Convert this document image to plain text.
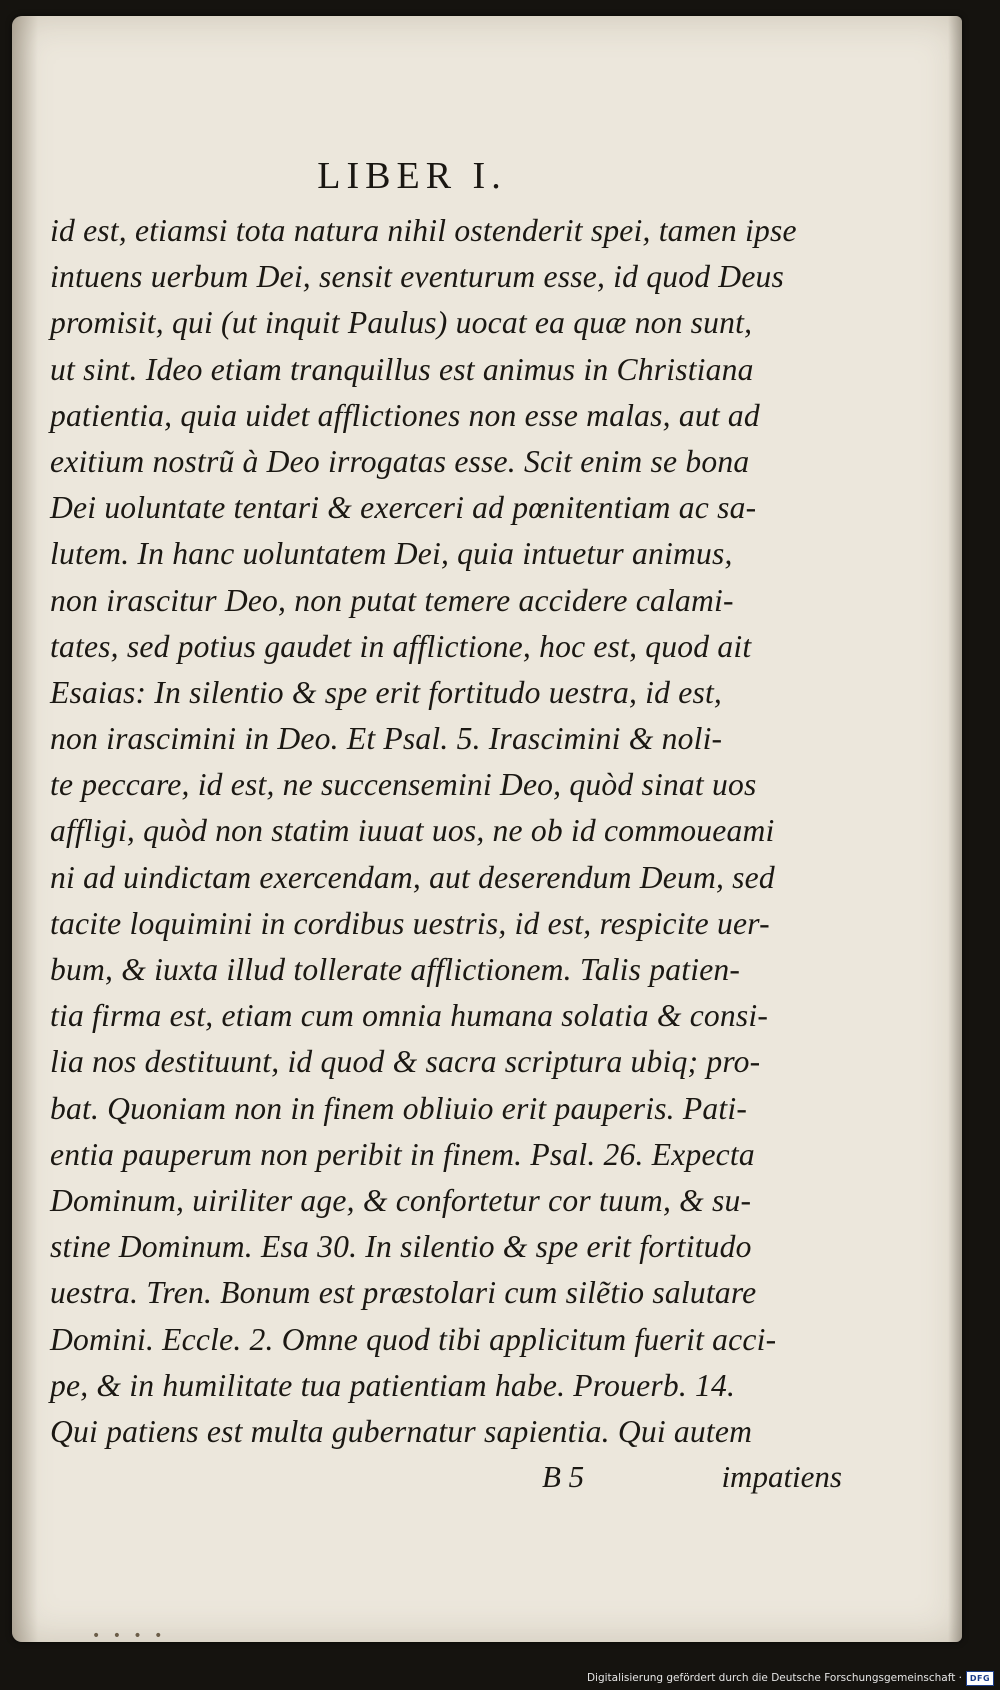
LIBER I.
id est, etiamsi tota natura nihil ostenderit spei, tamen ipse
intuens uerbum Dei, sensit eventurum esse, id quod Deus
promisit, qui (ut inquit Paulus) uocat ea quæ non sunt,
ut sint. Ideo etiam tranquillus est animus in Christiana
patientia, quia uidet afflictiones non esse malas, aut ad
exitium nostrũ à Deo irrogatas esse. Scit enim se bona
Dei uoluntate tentari & exerceri ad pœnitentiam ac sa-
lutem. In hanc uoluntatem Dei, quia intuetur animus,
non irascitur Deo, non putat temere accidere calami-
tates, sed potius gaudet in afflictione, hoc est, quod ait
Esaias: In silentio & spe erit fortitudo uestra, id est,
non irascimini in Deo. Et Psal. 5. Irascimini & noli-
te peccare, id est, ne succensemini Deo, quòd sinat uos
affligi, quòd non statim iuuat uos, ne ob id commoueami
ni ad uindictam exercendam, aut deserendum Deum, sed
tacite loquimini in cordibus uestris, id est, respicite uer-
bum, & iuxta illud tollerate afflictionem. Talis patien-
tia firma est, etiam cum omnia humana solatia & consi-
lia nos destituunt, id quod & sacra scriptura ubiq; pro-
bat. Quoniam non in finem obliuio erit pauperis. Pati-
entia pauperum non peribit in finem. Psal. 26. Expecta
Dominum, uiriliter age, & confortetur cor tuum, & su-
stine Dominum. Esa 30. In silentio & spe erit fortitudo
uestra. Tren. Bonum est præstolari cum silẽtio salutare
Domini. Eccle. 2. Omne quod tibi applicitum fuerit acci-
pe, & in humilitate tua patientiam habe. Prouerb. 14.
Qui patiens est multa gubernatur sapientia. Qui autem
B 5	impatiens
• • • •
Digitalisierung gefördert durch die Deutsche Forschungsgemeinschaft · DFG
